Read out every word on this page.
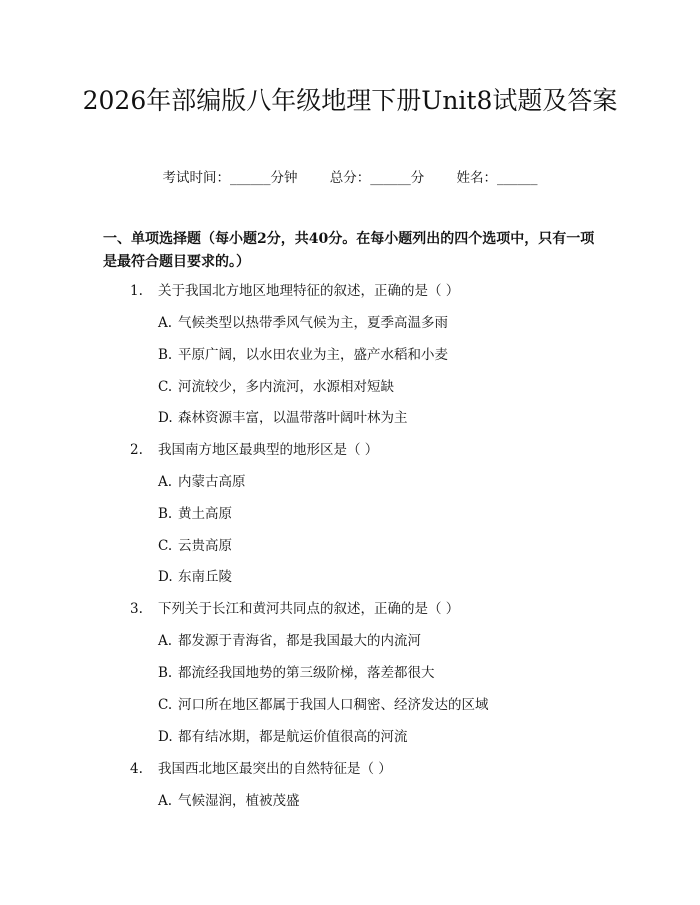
2026年部编版八年级地理下册Unit8试题及答案
考试时间：______分钟 总分：______分 姓名：______

一、单项选择题（每小题2分，共40分。在每小题列出的四个选项中，只有一项是最符合题目要求的。）

1. 关于我国北方地区地理特征的叙述，正确的是（ ）
A. 气候类型以热带季风气候为主，夏季高温多雨
B. 平原广阔，以水田农业为主，盛产水稻和小麦
C. 河流较少，多内流河，水源相对短缺
D. 森林资源丰富，以温带落叶阔叶林为主
2. 我国南方地区最典型的地形区是（ ）
A. 内蒙古高原
B. 黄土高原
C. 云贵高原
D. 东南丘陵
3. 下列关于长江和黄河共同点的叙述，正确的是（ ）
A. 都发源于青海省，都是我国最大的内流河
B. 都流经我国地势的第三级阶梯，落差都很大
C. 河口所在地区都属于我国人口稠密、经济发达的区域
D. 都有结冰期，都是航运价值很高的河流
4. 我国西北地区最突出的自然特征是（ ）
A. 气候湿润，植被茂盛
